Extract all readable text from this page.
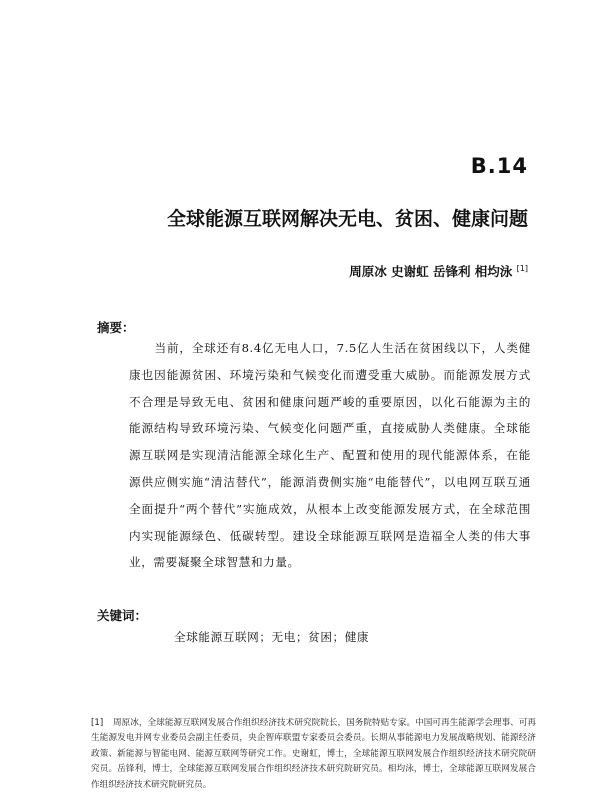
B.14
全球能源互联网解决无电、贫困、健康问题
周原冰 史谢虹 岳锋利 相均泳 [1]
摘要：
当前，全球还有8.4亿无电人口，7.5亿人生活在贫困线以下，人类健康也因能源贫困、环境污染和气候变化而遭受重大威胁。而能源发展方式不合理是导致无电、贫困和健康问题严峻的重要原因，以化石能源为主的能源结构导致环境污染、气候变化问题严重，直接威胁人类健康。全球能源互联网是实现清洁能源全球化生产、配置和使用的现代能源体系，在能源供应侧实施“清洁替代”，能源消费侧实施“电能替代”，以电网互联互通全面提升“两个替代”实施成效，从根本上改变能源发展方式，在全球范围内实现能源绿色、低碳转型。建设全球能源互联网是造福全人类的伟大事业，需要凝聚全球智慧和力量。
关键词：
全球能源互联网；无电；贫困；健康
[1] 周原冰，全球能源互联网发展合作组织经济技术研究院院长，国务院特贴专家。中国可再生能源学会理事、可再生能源发电并网专业委员会副主任委员，央企智库联盟专家委员会委员。长期从事能源电力发展战略规划、能源经济政策、新能源与智能电网、能源互联网等研究工作。史谢虹，博士，全球能源互联网发展合作组织经济技术研究院研究员。岳锋利，博士，全球能源互联网发展合作组织经济技术研究院研究员。相均泳，博士，全球能源互联网发展合作组织经济技术研究院研究员。
